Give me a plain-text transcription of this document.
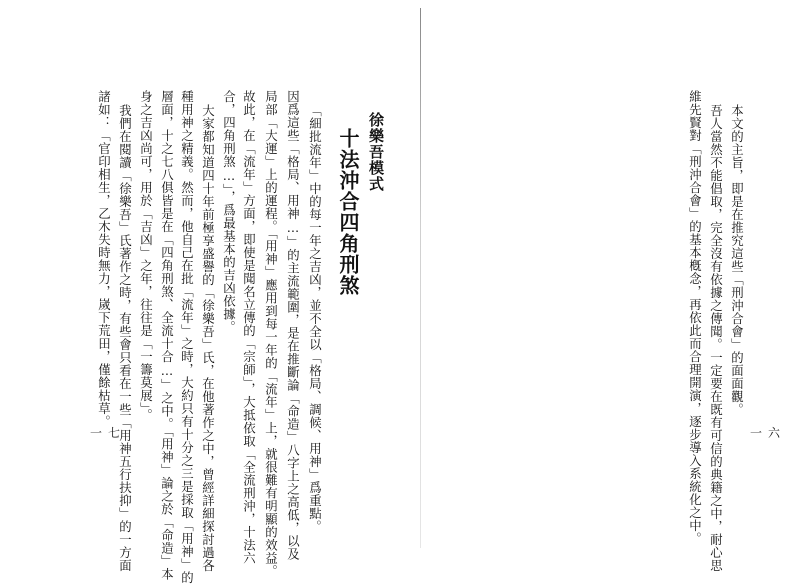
十法沖合四角刑煞 徐樂吾模式
「細批流年」中的每一年之吉凶，並不全以「格局、調候、用神」爲重點。
因爲這些「格局、用神…」的主流範圍，是在推斷論「命造」八字上之高低，以及
局部「大運」上的運程。「用神」應用到每一年的「流年」上，就很難有明顯的效益。
故此，在「流年」方面，即使是聞名立傳的「宗師」，大抵依取「全流刑沖，十法六
合，四角刑煞…」，爲最基本的吉凶依據。
大家都知道四十年前極享盛譽的「徐樂吾」氏，在他著作之中，曾經詳細探討過各
種用神之精義。然而，他自己在批「流年」之時，大約只有十分之三是採取「用神」的
層面，十之七八俱皆是在「四角刑煞、全流十合…」之中。「用神」論之於「命造」本
身之吉凶尚可，用於「吉凶」之年，往往是「一籌莫展」。
我們在閱讀「徐樂吾」氏著作之時，有些會只看在一些「用神五行扶抑」的一方面
諸如：「官印相生，乙木失時無力，嵗下荒田，僅餘枯草。
一七
本文的主旨，即是在推究這些「刑沖合會」的面面觀。
吾人當然不能倡取，完全沒有依據之傳聞。一定要在既有可信的典籍之中，耐心思
維先賢對「刑沖合會」的基本槪念，再依此而合理開演，逐步導入系統化之中。	一六
